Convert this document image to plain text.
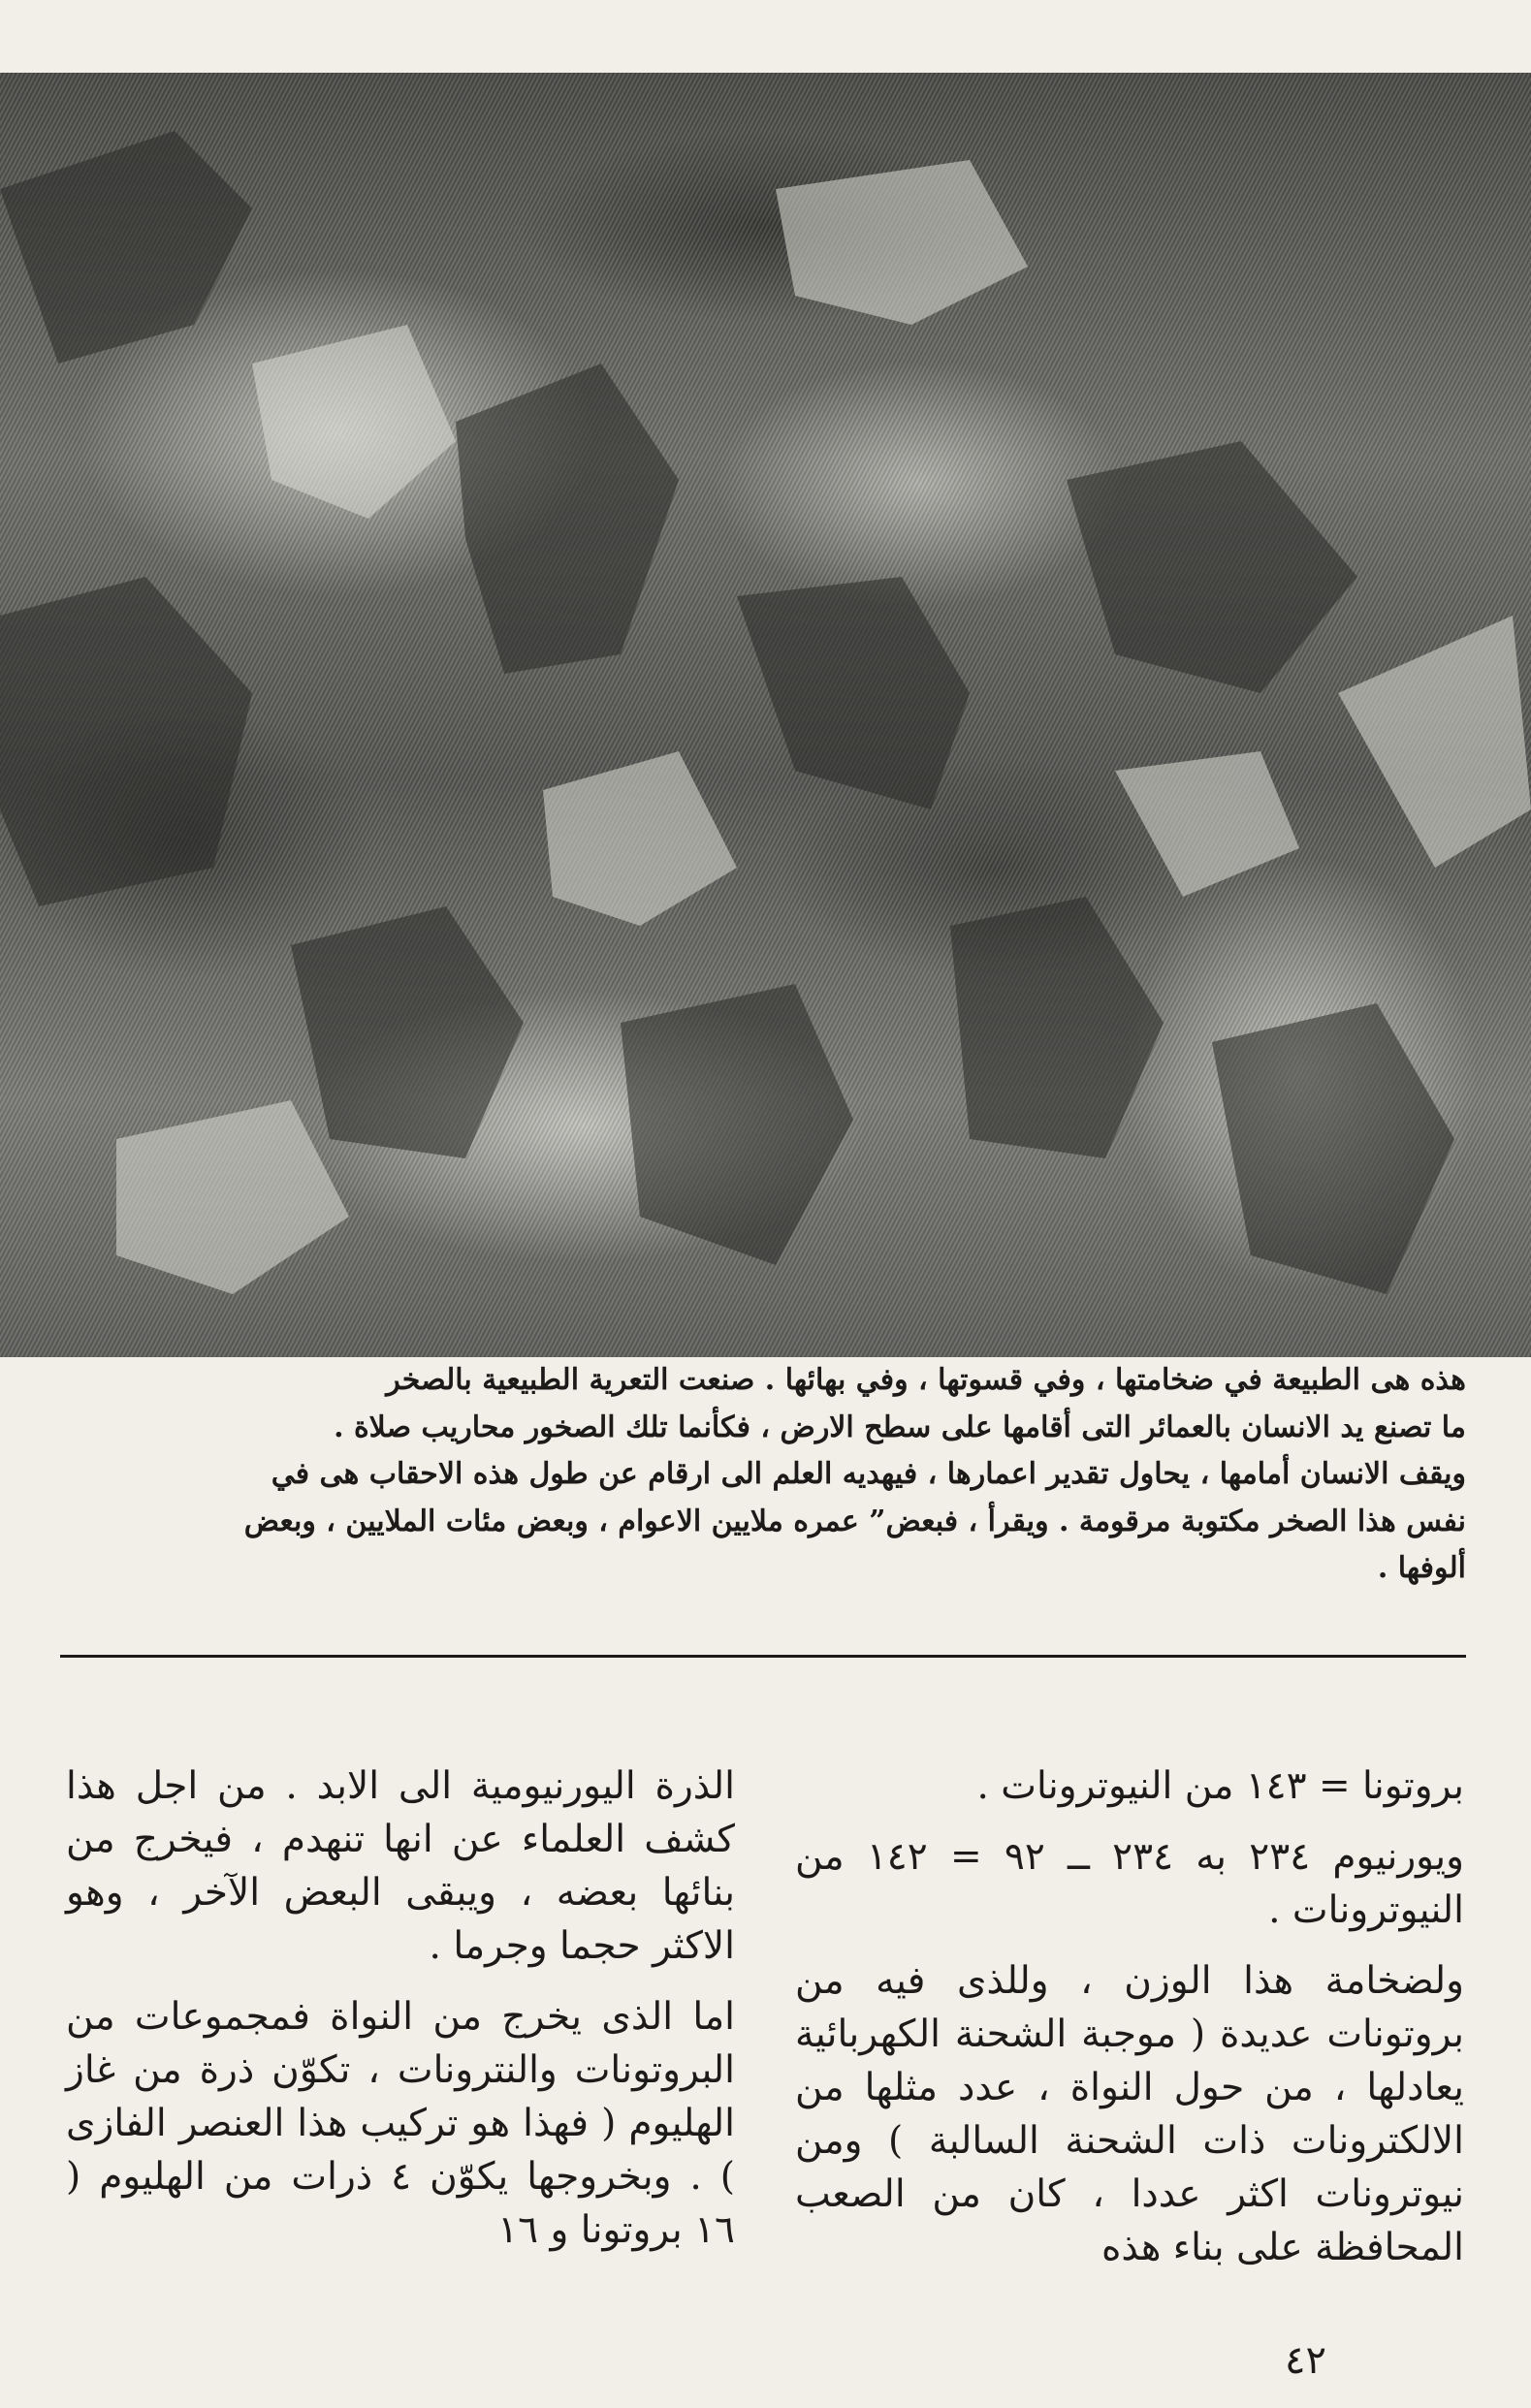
هذه هى الطبيعة في ضخامتها ، وفي قسوتها ، وفي بهائها . صنعت التعرية الطبيعية بالصخر

ما تصنع يد الانسان بالعمائر التى أقامها على سطح الارض ، فكأنما تلك الصخور محاريب صلاة .

ويقف الانسان أمامها ، يحاول تقدير اعمارها ، فيهديه العلم الى ارقام عن طول هذه الاحقاب هى في

نفس هذا الصخر مكتوبة مرقومة . ويقرأ ، فبعض” عمره ملايين الاعوام ، وبعض مئات الملايين ، وبعض

ألوفها .

بروتونا = ١٤٣ من النيوترونات .

ويورنيوم ٢٣٤ به ٢٣٤ ــ ٩٢ = ١٤٢ من النيوترونات .

ولضخامة هذا الوزن ، وللذى فيه من بروتونات عديدة ( موجبة الشحنة الكهربائية يعادلها ، من حول النواة ، عدد مثلها من الالكترونات ذات الشحنة السالبة ) ومن نيوترونات اكثر عددا ، كان من الصعب المحافظة على بناء هذه

الذرة اليورنيومية الى الابد . من اجل هذا كشف العلماء عن انها تنهدم ، فيخرج من بنائها بعضه ، ويبقى البعض الآخر ، وهو الاكثر حجما وجرما .

اما الذى يخرج من النواة فمجموعات من البروتونات والنترونات ، تكوّن ذرة من غاز الهليوم ( فهذا هو تركيب هذا العنصر الفازى ) . وبخروجها يكوّن ٤ ذرات من الهليوم ( ١٦ بروتونا و ١٦

٤٢
